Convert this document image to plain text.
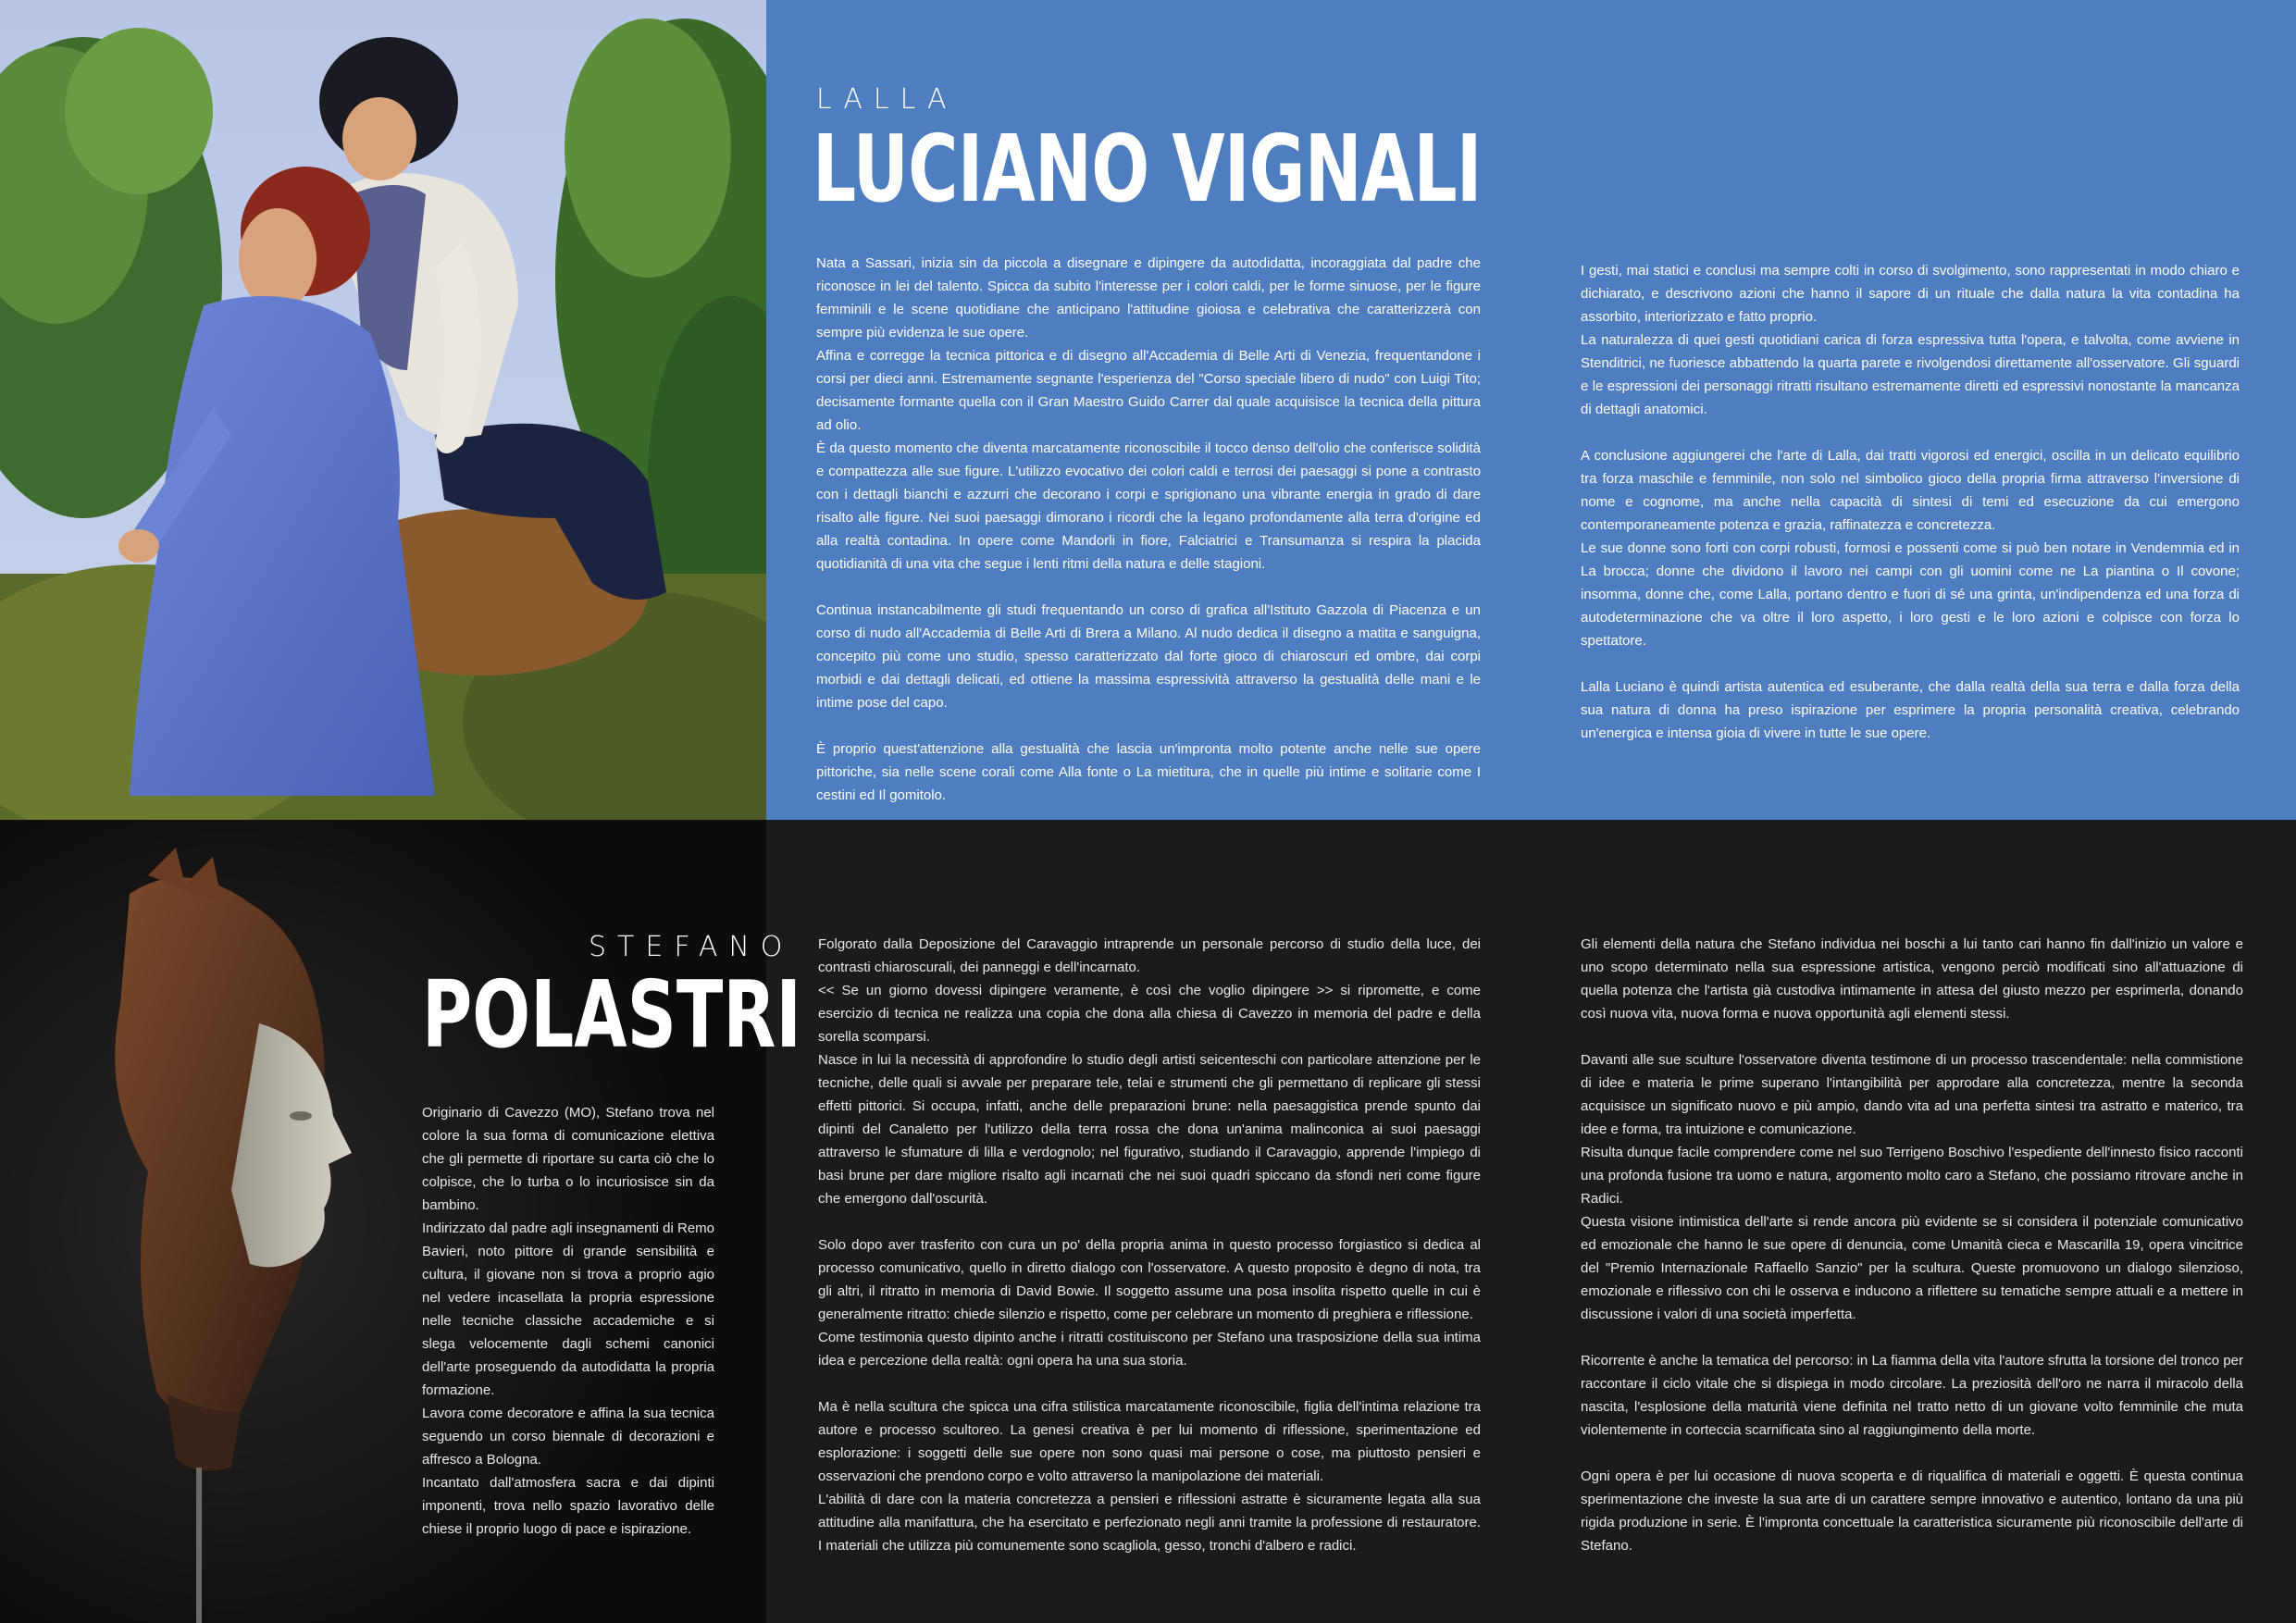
LALLA
LUCIANO VIGNALI
Nata a Sassari, inizia sin da piccola a disegnare e dipingere da autodidatta, incoraggiata dal padre che riconosce in lei del talento. Spicca da subito l'interesse per i colori caldi, per le forme sinuose, per le figure femminili e le scene quotidiane che anticipano l'attitudine gioiosa e celebrativa che caratterizzerà con sempre più evidenza le sue opere.
Affina e corregge la tecnica pittorica e di disegno all'Accademia di Belle Arti di Venezia, frequentandone i corsi per dieci anni. Estremamente segnante l'esperienza del "Corso speciale libero di nudo" con Luigi Tito; decisamente formante quella con il Gran Maestro Guido Carrer dal quale acquisisce la tecnica della pittura ad olio.
È da questo momento che diventa marcatamente riconoscibile il tocco denso dell'olio che conferisce solidità e compattezza alle sue figure. L'utilizzo evocativo dei colori caldi e terrosi dei paesaggi si pone a contrasto con i dettagli bianchi e azzurri che decorano i corpi e sprigionano una vibrante energia in grado di dare risalto alle figure. Nei suoi paesaggi dimorano i ricordi che la legano profondamente alla terra d'origine ed alla realtà contadina. In opere come Mandorli in fiore, Falciatrici e Transumanza si respira la placida quotidianità di una vita che segue i lenti ritmi della natura e delle stagioni.

Continua instancabilmente gli studi frequentando un corso di grafica all'Istituto Gazzola di Piacenza e un corso di nudo all'Accademia di Belle Arti di Brera a Milano. Al nudo dedica il disegno a matita e sanguigna, concepito più come uno studio, spesso caratterizzato dal forte gioco di chiaroscuri ed ombre, dai corpi morbidi e dai dettagli delicati, ed ottiene la massima espressività attraverso la gestualità delle mani e le intime pose del capo.

È proprio quest'attenzione alla gestualità che lascia un'impronta molto potente anche nelle sue opere pittoriche, sia nelle scene corali come Alla fonte o La mietitura, che in quelle più intime e solitarie come I cestini ed Il gomitolo.
I gesti, mai statici e conclusi ma sempre colti in corso di svolgimento, sono rappresentati in modo chiaro e dichiarato, e descrivono azioni che hanno il sapore di un rituale che dalla natura la vita contadina ha assorbito, interiorizzato e fatto proprio.
La naturalezza di quei gesti quotidiani carica di forza espressiva tutta l'opera, e talvolta, come avviene in Stenditrici, ne fuoriesce abbattendo la quarta parete e rivolgendosi direttamente all'osservatore. Gli sguardi e le espressioni dei personaggi ritratti risultano estremamente diretti ed espressivi nonostante la mancanza di dettagli anatomici.

A conclusione aggiungerei che l'arte di Lalla, dai tratti vigorosi ed energici, oscilla in un delicato equilibrio tra forza maschile e femminile, non solo nel simbolico gioco della propria firma attraverso l'inversione di nome e cognome, ma anche nella capacità di sintesi di temi ed esecuzione da cui emergono contemporaneamente potenza e grazia, raffinatezza e concretezza.
Le sue donne sono forti con corpi robusti, formosi e possenti come si può ben notare in Vendemmia ed in La brocca; donne che dividono il lavoro nei campi con gli uomini come ne La piantina o Il covone; insomma, donne che, come Lalla, portano dentro e fuori di sé una grinta, un'indipendenza ed una forza di autodeterminazione che va oltre il loro aspetto, i loro gesti e le loro azioni e colpisce con forza lo spettatore.

Lalla Luciano è quindi artista autentica ed esuberante, che dalla realtà della sua terra e dalla forza della sua natura di donna ha preso ispirazione per esprimere la propria personalità creativa, celebrando un'energica e intensa gioia di vivere in tutte le sue opere.
STEFANO
POLASTRI
Originario di Cavezzo (MO), Stefano trova nel colore la sua forma di comunicazione elettiva che gli permette di riportare su carta ciò che lo colpisce, che lo turba o lo incuriosisce sin da bambino.
Indirizzato dal padre agli insegnamenti di Remo Bavieri, noto pittore di grande sensibilità e cultura, il giovane non si trova a proprio agio nel vedere incasellata la propria espressione nelle tecniche classiche accademiche e si slega velocemente dagli schemi canonici dell'arte proseguendo da autodidatta la propria formazione.
Lavora come decoratore e affina la sua tecnica seguendo un corso biennale di decorazioni e affresco a Bologna.
Incantato dall'atmosfera sacra e dai dipinti imponenti, trova nello spazio lavorativo delle chiese il proprio luogo di pace e ispirazione.
Folgorato dalla Deposizione del Caravaggio intraprende un personale percorso di studio della luce, dei contrasti chiaroscurali, dei panneggi e dell'incarnato.
<< Se un giorno dovessi dipingere veramente, è così che voglio dipingere >> si ripromette, e come esercizio di tecnica ne realizza una copia che dona alla chiesa di Cavezzo in memoria del padre e della sorella scomparsi.
Nasce in lui la necessità di approfondire lo studio degli artisti seicenteschi con particolare attenzione per le tecniche, delle quali si avvale per preparare tele, telai e strumenti che gli permettano di replicare gli stessi effetti pittorici. Si occupa, infatti, anche delle preparazioni brune: nella paesaggistica prende spunto dai dipinti del Canaletto per l'utilizzo della terra rossa che dona un'anima malinconica ai suoi paesaggi attraverso le sfumature di lilla e verdognolo; nel figurativo, studiando il Caravaggio, apprende l'impiego di basi brune per dare migliore risalto agli incarnati che nei suoi quadri spiccano da sfondi neri come figure che emergono dall'oscurità.

Solo dopo aver trasferito con cura un po' della propria anima in questo processo forgiastico si dedica al processo comunicativo, quello in diretto dialogo con l'osservatore. A questo proposito è degno di nota, tra gli altri, il ritratto in memoria di David Bowie. Il soggetto assume una posa insolita rispetto quelle in cui è generalmente ritratto: chiede silenzio e rispetto, come per celebrare un momento di preghiera e riflessione.
Come testimonia questo dipinto anche i ritratti costituiscono per Stefano una trasposizione della sua intima idea e percezione della realtà: ogni opera ha una sua storia.

Ma è nella scultura che spicca una cifra stilistica marcatamente riconoscibile, figlia dell'intima relazione tra autore e processo scultoreo. La genesi creativa è per lui momento di riflessione, sperimentazione ed esplorazione: i soggetti delle sue opere non sono quasi mai persone o cose, ma piuttosto pensieri e osservazioni che prendono corpo e volto attraverso la manipolazione dei materiali.
L'abilità di dare con la materia concretezza a pensieri e riflessioni astratte è sicuramente legata alla sua attitudine alla manifattura, che ha esercitato e perfezionato negli anni tramite la professione di restauratore. I materiali che utilizza più comunemente sono scagliola, gesso, tronchi d'albero e radici.
Gli elementi della natura che Stefano individua nei boschi a lui tanto cari hanno fin dall'inizio un valore e uno scopo determinato nella sua espressione artistica, vengono perciò modificati sino all'attuazione di quella potenza che l'artista già custodiva intimamente in attesa del giusto mezzo per esprimerla, donando così nuova vita, nuova forma e nuova opportunità agli elementi stessi.

Davanti alle sue sculture l'osservatore diventa testimone di un processo trascendentale: nella commistione di idee e materia le prime superano l'intangibilità per approdare alla concretezza, mentre la seconda acquisisce un significato nuovo e più ampio, dando vita ad una perfetta sintesi tra astratto e materico, tra idee e forma, tra intuizione e comunicazione.
Risulta dunque facile comprendere come nel suo Terrigeno Boschivo l'espediente dell'innesto fisico racconti una profonda fusione tra uomo e natura, argomento molto caro a Stefano, che possiamo ritrovare anche in Radici.
Questa visione intimistica dell'arte si rende ancora più evidente se si considera il potenziale comunicativo ed emozionale che hanno le sue opere di denuncia, come Umanità cieca e Mascarilla 19, opera vincitrice del "Premio Internazionale Raffaello Sanzio" per la scultura. Queste promuovono un dialogo silenzioso, emozionale e riflessivo con chi le osserva e inducono a riflettere su tematiche sempre attuali e a mettere in discussione i valori di una società imperfetta.

Ricorrente è anche la tematica del percorso: in La fiamma della vita l'autore sfrutta la torsione del tronco per raccontare il ciclo vitale che si dispiega in modo circolare. La preziosità dell'oro ne narra il miracolo della nascita, l'esplosione della maturità viene definita nel tratto netto di un giovane volto femminile che muta violentemente in corteccia scarnificata sino al raggiungimento della morte.

Ogni opera è per lui occasione di nuova scoperta e di riqualifica di materiali e oggetti. È questa continua sperimentazione che investe la sua arte di un carattere sempre innovativo e autentico, lontano da una più rigida produzione in serie. È l'impronta concettuale la caratteristica sicuramente più riconoscibile dell'arte di Stefano.
